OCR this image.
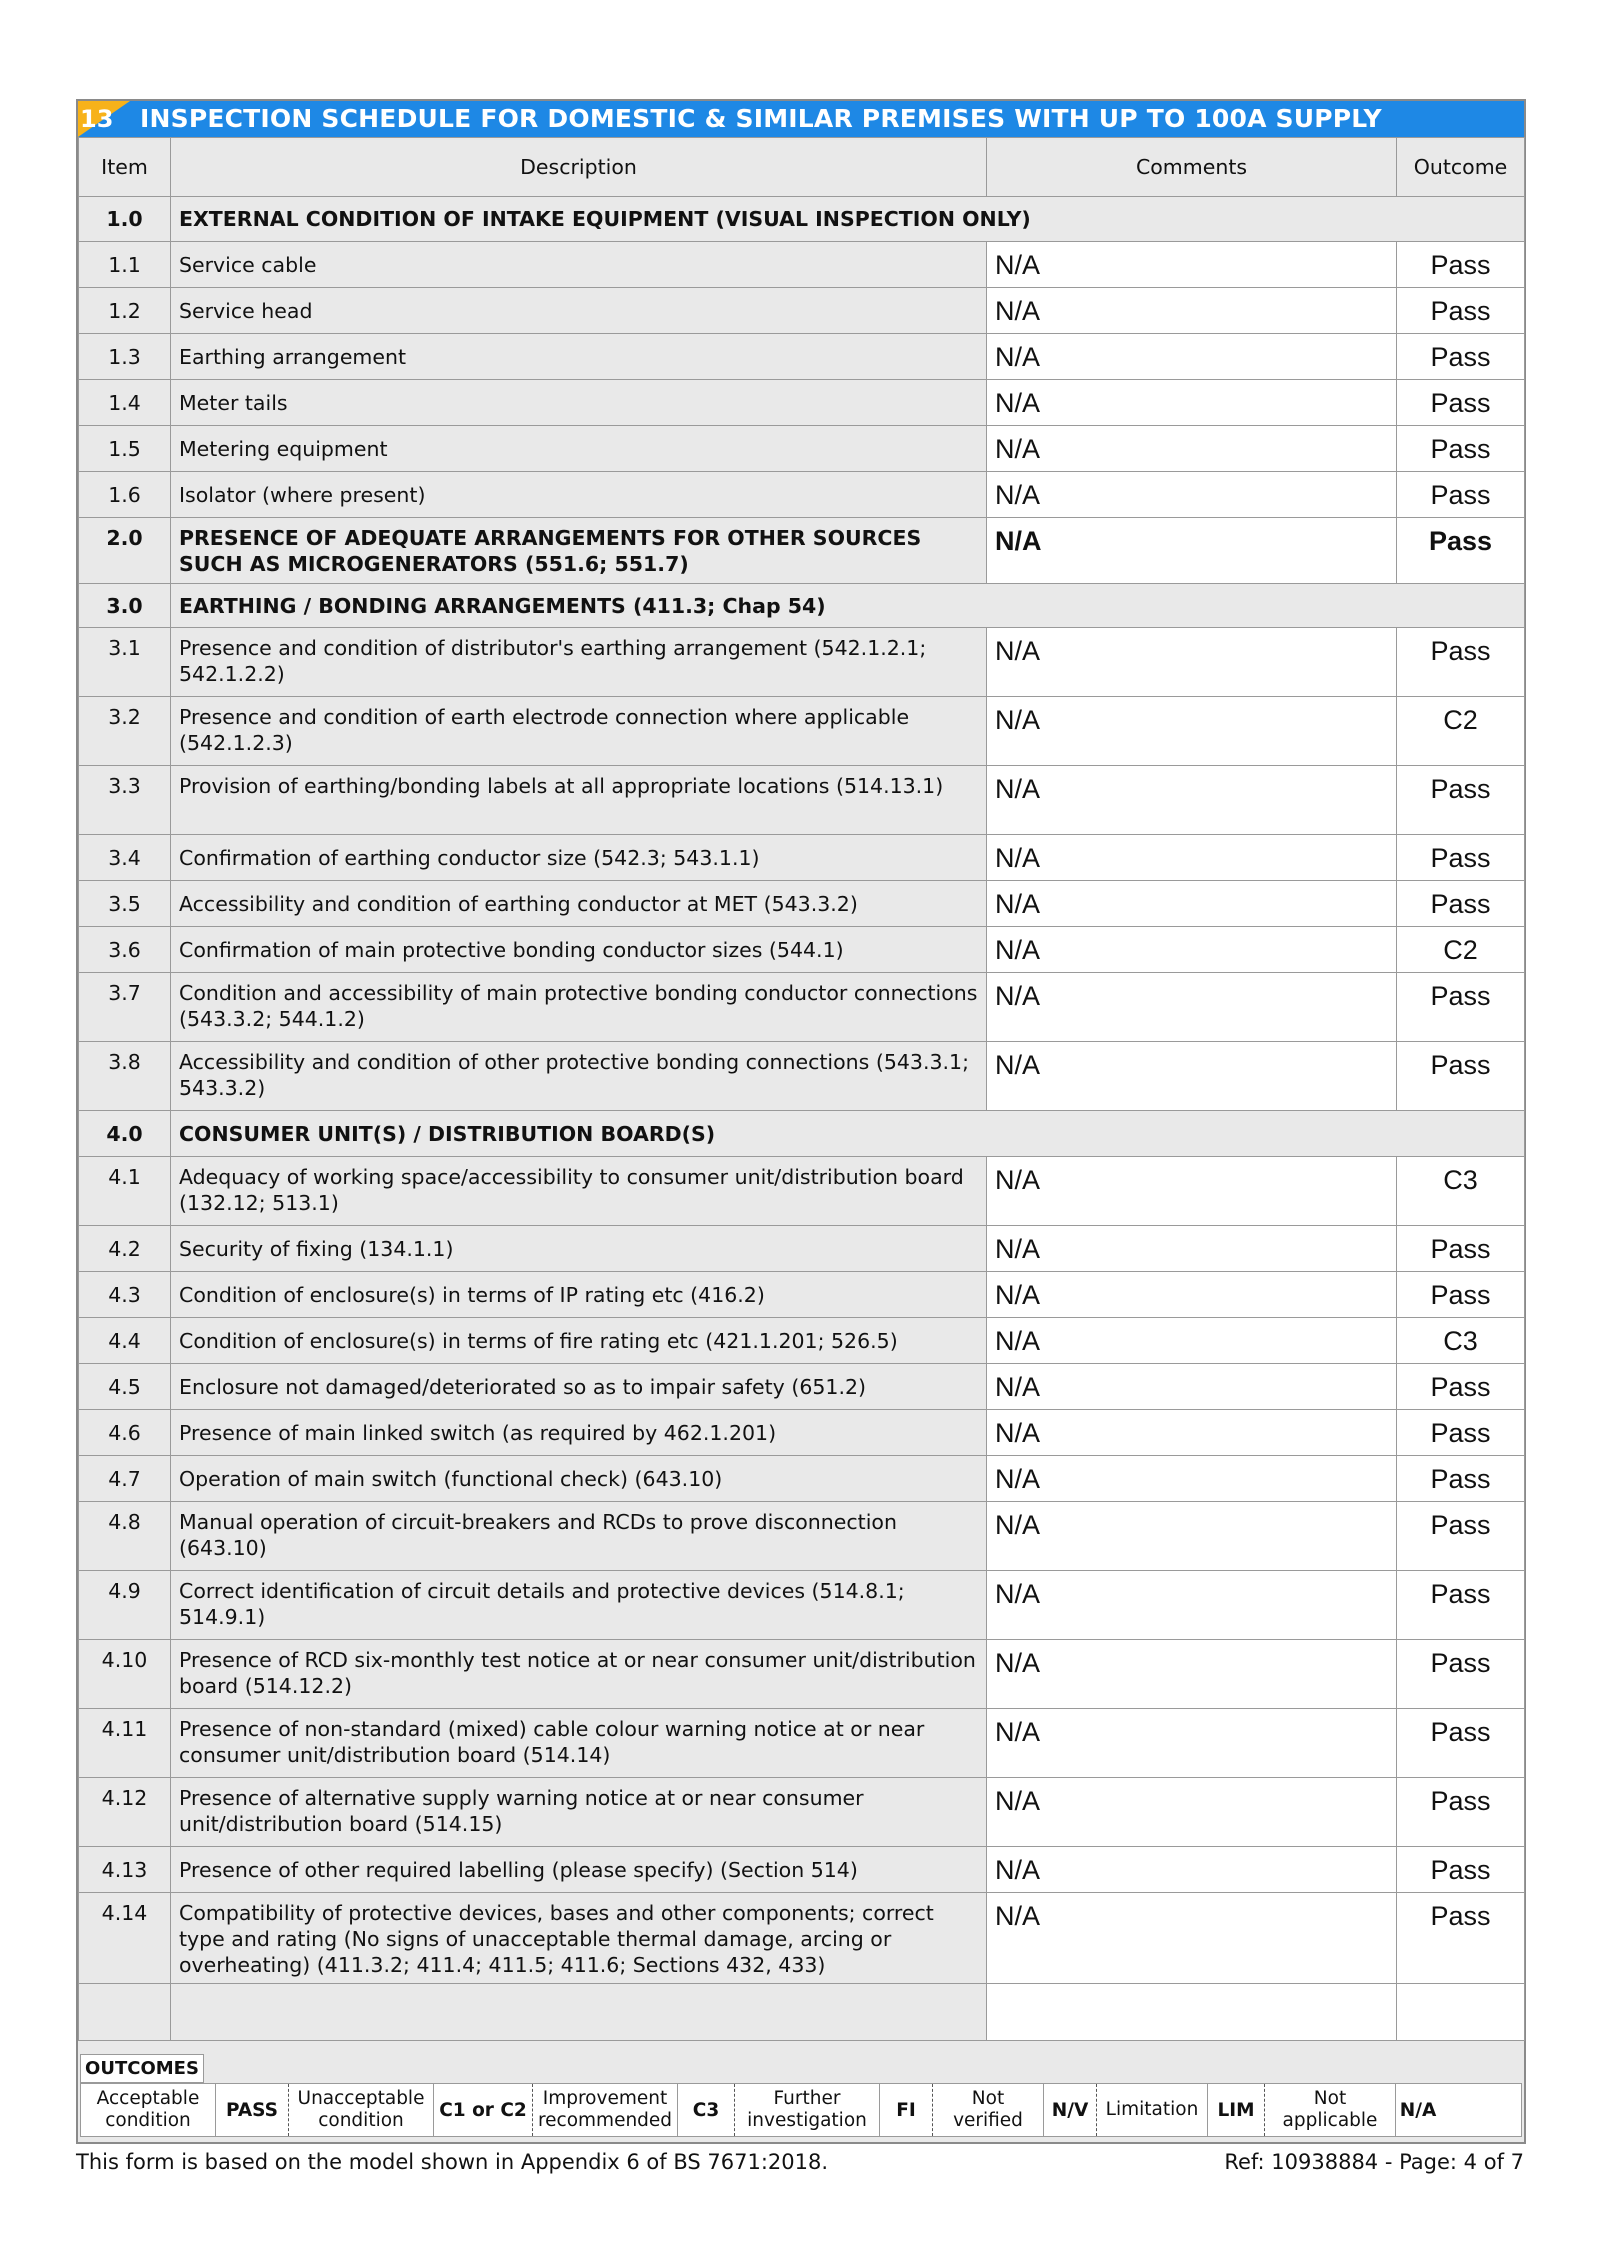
13 INSPECTION SCHEDULE FOR DOMESTIC & SIMILAR PREMISES WITH UP TO 100A SUPPLY
Item	Description	Comments	Outcome
1.0	EXTERNAL CONDITION OF INTAKE EQUIPMENT (VISUAL INSPECTION ONLY)		
1.1	Service cable	N/A	Pass
1.2	Service head	N/A	Pass
1.3	Earthing arrangement	N/A	Pass
1.4	Meter tails	N/A	Pass
1.5	Metering equipment	N/A	Pass
1.6	Isolator (where present)	N/A	Pass
2.0	PRESENCE OF ADEQUATE ARRANGEMENTS FOR OTHER SOURCES SUCH AS MICROGENERATORS (551.6; 551.7)	N/A	Pass
3.0	EARTHING / BONDING ARRANGEMENTS (411.3; Chap 54)		
3.1	Presence and condition of distributor's earthing arrangement (542.1.2.1; 542.1.2.2)	N/A	Pass
3.2	Presence and condition of earth electrode connection where applicable (542.1.2.3)	N/A	C2
3.3	Provision of earthing/bonding labels at all appropriate locations (514.13.1)	N/A	Pass
3.4	Confirmation of earthing conductor size (542.3; 543.1.1)	N/A	Pass
3.5	Accessibility and condition of earthing conductor at MET (543.3.2)	N/A	Pass
3.6	Confirmation of main protective bonding conductor sizes (544.1)	N/A	C2
3.7	Condition and accessibility of main protective bonding conductor connections (543.3.2; 544.1.2)	N/A	Pass
3.8	Accessibility and condition of other protective bonding connections (543.3.1; 543.3.2)	N/A	Pass
4.0	CONSUMER UNIT(S) / DISTRIBUTION BOARD(S)		
4.1	Adequacy of working space/accessibility to consumer unit/distribution board (132.12; 513.1)	N/A	C3
4.2	Security of fixing (134.1.1)	N/A	Pass
4.3	Condition of enclosure(s) in terms of IP rating etc (416.2)	N/A	Pass
4.4	Condition of enclosure(s) in terms of fire rating etc (421.1.201; 526.5)	N/A	C3
4.5	Enclosure not damaged/deteriorated so as to impair safety (651.2)	N/A	Pass
4.6	Presence of main linked switch (as required by 462.1.201)	N/A	Pass
4.7	Operation of main switch (functional check) (643.10)	N/A	Pass
4.8	Manual operation of circuit-breakers and RCDs to prove disconnection (643.10)	N/A	Pass
4.9	Correct identification of circuit details and protective devices (514.8.1; 514.9.1)	N/A	Pass
4.10	Presence of RCD six-monthly test notice at or near consumer unit/distribution board (514.12.2)	N/A	Pass
4.11	Presence of non-standard (mixed) cable colour warning notice at or near consumer unit/distribution board (514.14)	N/A	Pass
4.12	Presence of alternative supply warning notice at or near consumer unit/distribution board (514.15)	N/A	Pass
4.13	Presence of other required labelling (please specify) (Section 514)	N/A	Pass
4.14	Compatibility of protective devices, bases and other components; correct type and rating (No signs of unacceptable thermal damage, arcing or overheating) (411.3.2; 411.4; 411.5; 411.6; Sections 432, 433)	N/A	Pass

OUTCOMES
Acceptable condition	PASS
Unacceptable condition	C1 or C2
Improvement recommended	C3
Further investigation	FI
Not verified	N/V Limitation	LIM
Not applicable	N/A
This form is based on the model shown in Appendix 6 of BS 7671:2018.	Ref: 10938884 - Page: 4 of 7
